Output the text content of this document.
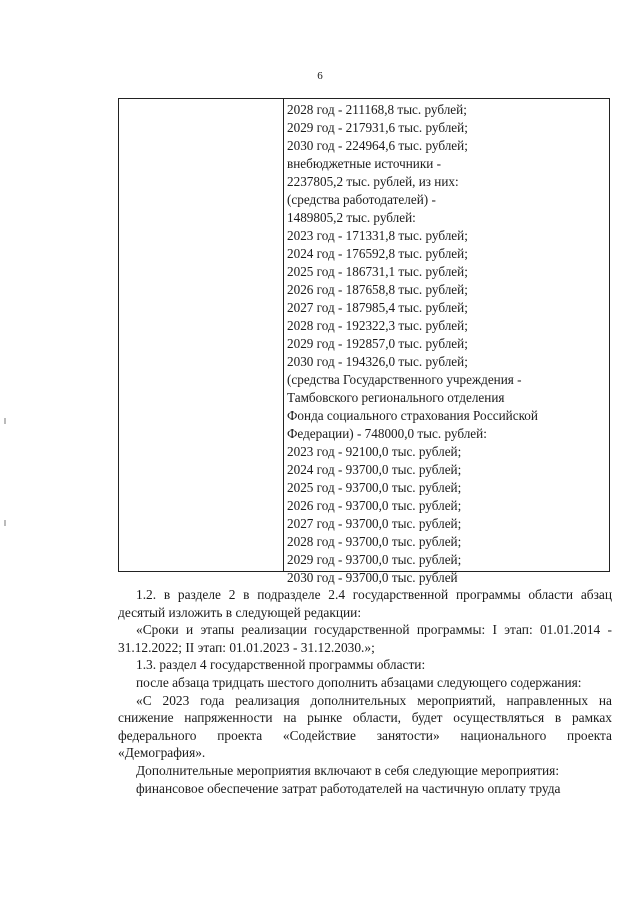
6
2028 год - 211168,8 тыс. рублей;
2029 год - 217931,6 тыс. рублей;
2030 год - 224964,6 тыс. рублей;
внебюджетные источники -
2237805,2 тыс. рублей, из них:
(средства работодателей) -
1489805,2 тыс. рублей:
2023 год - 171331,8 тыс. рублей;
2024 год - 176592,8 тыс. рублей;
2025 год - 186731,1 тыс. рублей;
2026 год - 187658,8 тыс. рублей;
2027 год - 187985,4 тыс. рублей;
2028 год - 192322,3 тыс. рублей;
2029 год - 192857,0 тыс. рублей;
2030 год - 194326,0 тыс. рублей;
(средства Государственного учреждения -
Тамбовского регионального отделения
Фонда социального страхования Российской
Федерации) - 748000,0 тыс. рублей:
2023 год - 92100,0 тыс. рублей;
2024 год - 93700,0 тыс. рублей;
2025 год - 93700,0 тыс. рублей;
2026 год - 93700,0 тыс. рублей;
2027 год - 93700,0 тыс. рублей;
2028 год - 93700,0 тыс. рублей;
2029 год - 93700,0 тыс. рублей;
2030 год - 93700,0 тыс. рублей

1.2. в разделе 2 в подразделе 2.4 государственной программы области абзац десятый изложить в следующей редакции:

«Сроки и этапы реализации государственной программы: I этап: 01.01.2014 - 31.12.2022; II этап: 01.01.2023 - 31.12.2030.»;

1.3. раздел 4 государственной программы области:

после абзаца тридцать шестого дополнить абзацами следующего содержания:

«С 2023 года реализация дополнительных мероприятий, направленных на снижение напряженности на рынке области, будет осуществляться в рамках федерального проекта «Содействие занятости» национального проекта «Демография».

Дополнительные мероприятия включают в себя следующие мероприятия:

финансовое обеспечение затрат работодателей на частичную оплату труда
